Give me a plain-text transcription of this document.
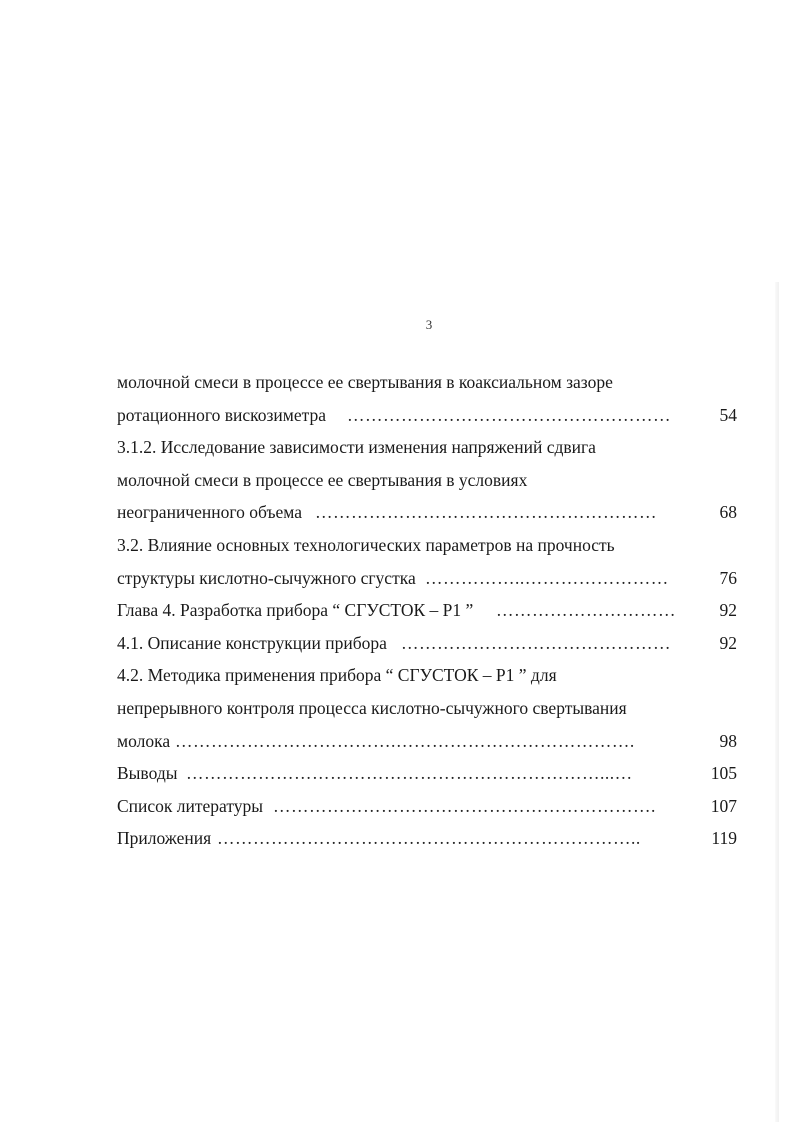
3
молочной смеси в процессе ее свертывания в коаксиальном зазоре
ротационного вискозиметра ………………………………………………	54
3.1.2. Исследование зависимости изменения напряжений сдвига
молочной смеси в процессе ее свертывания в условиях
неограниченного объема …………………………………………………	68
3.2. Влияние основных технологических параметров на прочность
структуры кислотно-сычужного сгустка ……………..……………………	76
Глава 4. Разработка прибора “ СГУСТОК – Р1 ” …………………………	92
4.1. Описание конструкции прибора ………………………………………	92
4.2. Методика применения прибора “ СГУСТОК – Р1 ” для
непрерывного контроля процесса кислотно-сычужного свертывания
молока ……………………………….………………………………….	98
Выводы ……………………………………………………………...…	105
Список литературы ……………………………………………………….	107
Приложения ……………………………………………………………..	119
